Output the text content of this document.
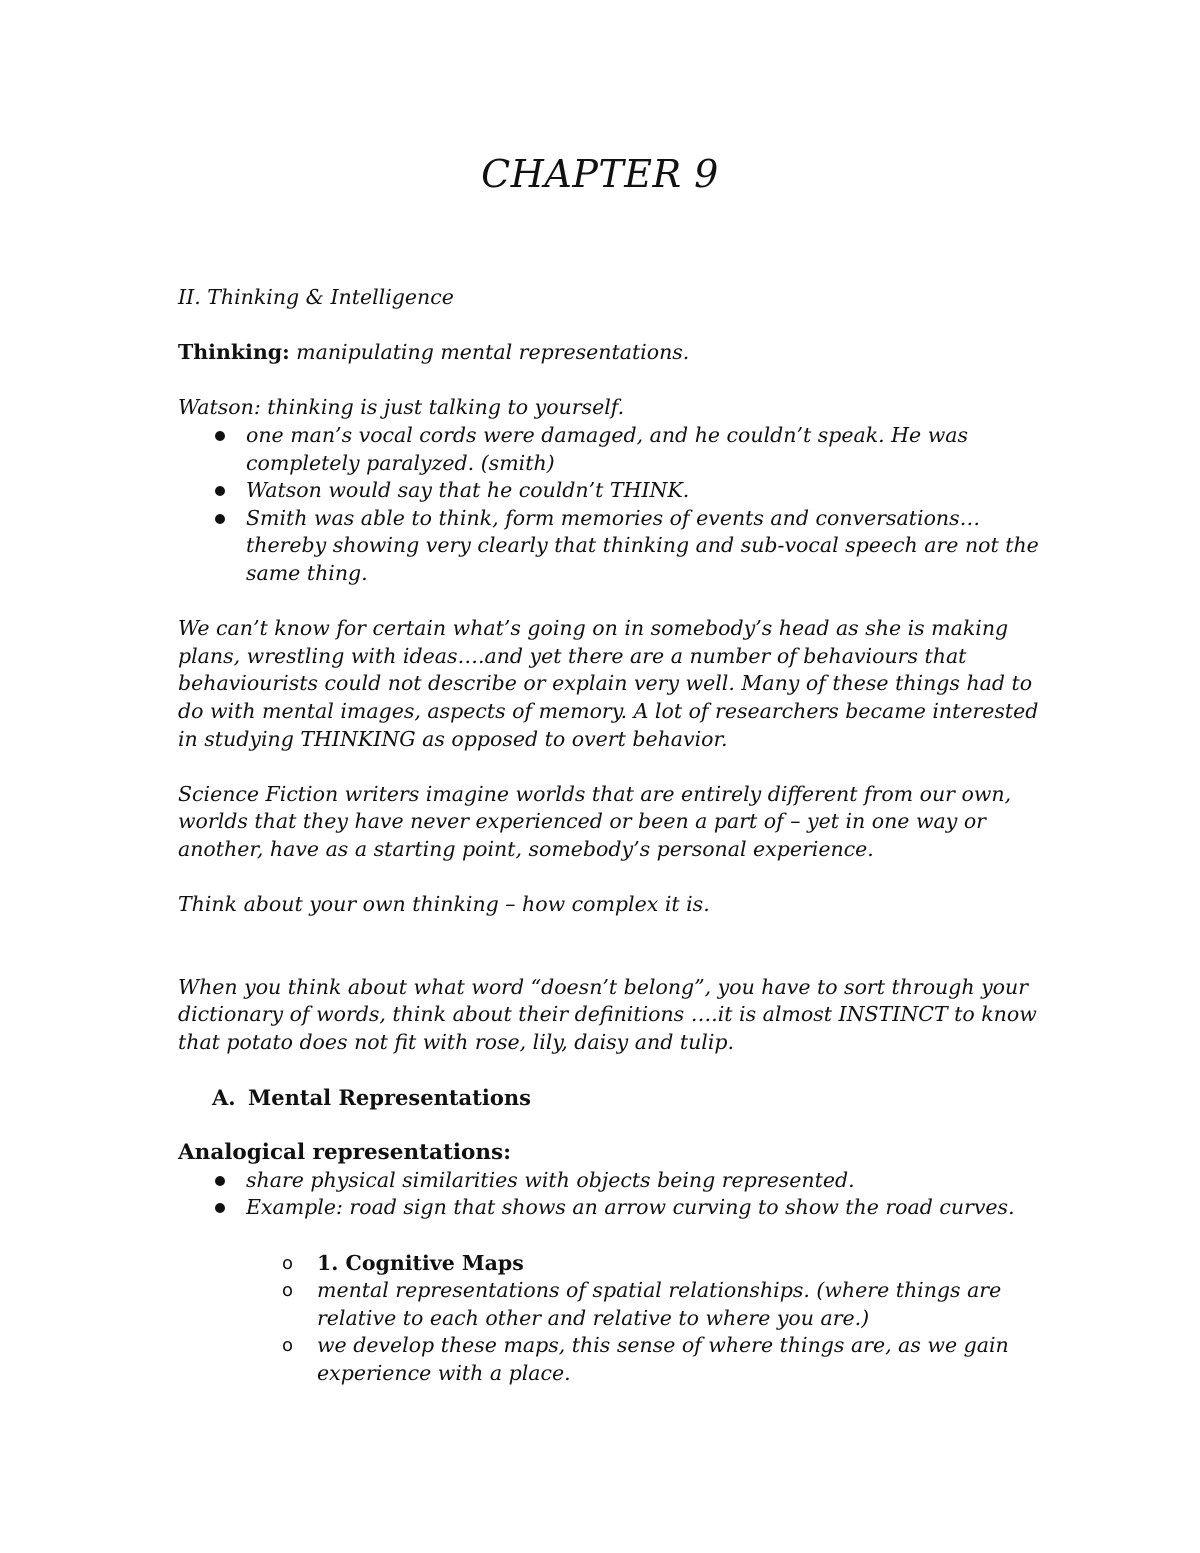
CHAPTER 9

II. Thinking & Intelligence

Thinking: manipulating mental representations.

Watson: thinking is just talking to yourself.

one man’s vocal cords were damaged, and he couldn’t speak. He was completely paralyzed. (smith)
Watson would say that he couldn’t THINK.
Smith was able to think, form memories of events and conversations…thereby showing very clearly that thinking and sub-vocal speech are not the same thing.

We can’t know for certain what’s going on in somebody’s head as she is making plans, wrestling with ideas….and yet there are a number of behaviours that behaviourists could not describe or explain very well. Many of these things had to do with mental images, aspects of memory. A lot of researchers became interested in studying THINKING as opposed to overt behavior.

Science Fiction writers imagine worlds that are entirely different from our own, worlds that they have never experienced or been a part of – yet in one way or another, have as a starting point, somebody’s personal experience.

Think about your own thinking – how complex it is.

When you think about what word “doesn’t belong”, you have to sort through your dictionary of words, think about their definitions ….it is almost INSTINCT to know that potato does not fit with rose, lily, daisy and tulip.

A. Mental Representations

Analogical representations:

share physical similarities with objects being represented.
Example: road sign that shows an arrow curving to show the road curves.
o 1. Cognitive Maps
o mental representations of spatial relationships. (where things are relative to each other and relative to where you are.)
o we develop these maps, this sense of where things are, as we gain experience with a place.
